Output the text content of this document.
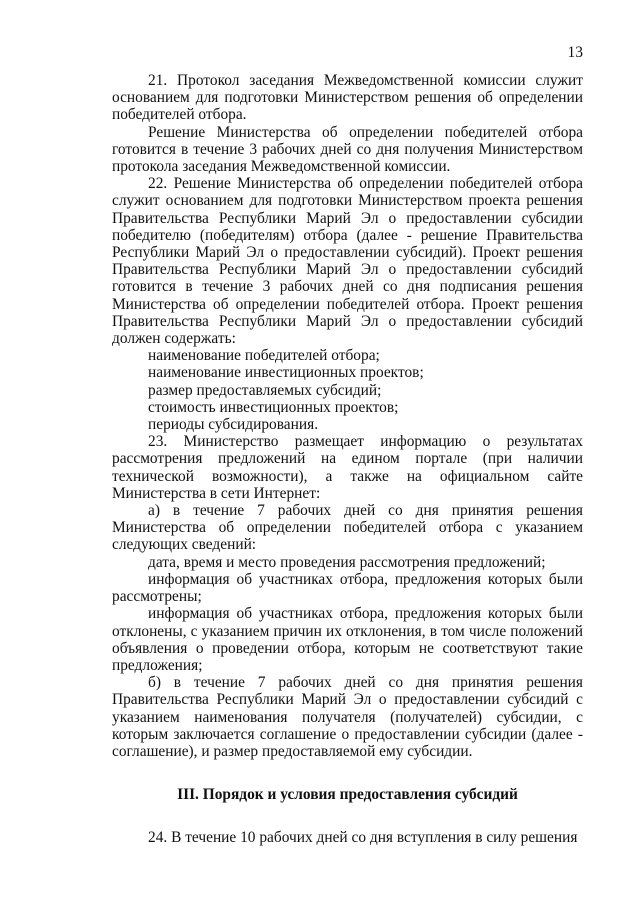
13

21. Протокол заседания Межведомственной комиссии служит основанием для подготовки Министерством решения об определении победителей отбора.

Решение Министерства об определении победителей отбора готовится в течение 3 рабочих дней со дня получения Министерством протокола заседания Межведомственной комиссии.

22. Решение Министерства об определении победителей отбора служит основанием для подготовки Министерством проекта решения Правительства Республики Марий Эл о предоставлении субсидии победителю (победителям) отбора (далее - решение Правительства Республики Марий Эл о предоставлении субсидий). Проект решения Правительства Республики Марий Эл о предоставлении субсидий готовится в течение 3 рабочих дней со дня подписания решения Министерства об определении победителей отбора. Проект решения Правительства Республики Марий Эл о предоставлении субсидий должен содержать:

наименование победителей отбора;

наименование инвестиционных проектов;

размер предоставляемых субсидий;

стоимость инвестиционных проектов;

периоды субсидирования.

23. Министерство размещает информацию о результатах рассмотрения предложений на едином портале (при наличии технической возможности), а также на официальном сайте Министерства в сети Интернет:

а) в течение 7 рабочих дней со дня принятия решения Министерства об определении победителей отбора с указанием следующих сведений:

дата, время и место проведения рассмотрения предложений;

информация об участниках отбора, предложения которых были рассмотрены;

информация об участниках отбора, предложения которых были отклонены, с указанием причин их отклонения, в том числе положений объявления о проведении отбора, которым не соответствуют такие предложения;

б) в течение 7 рабочих дней со дня принятия решения Правительства Республики Марий Эл о предоставлении субсидий с указанием наименования получателя (получателей) субсидии, с которым заключается соглашение о предоставлении субсидии (далее - соглашение), и размер предоставляемой ему субсидии.

III. Порядок и условия предоставления субсидий

24. В течение 10 рабочих дней со дня вступления в силу решения
